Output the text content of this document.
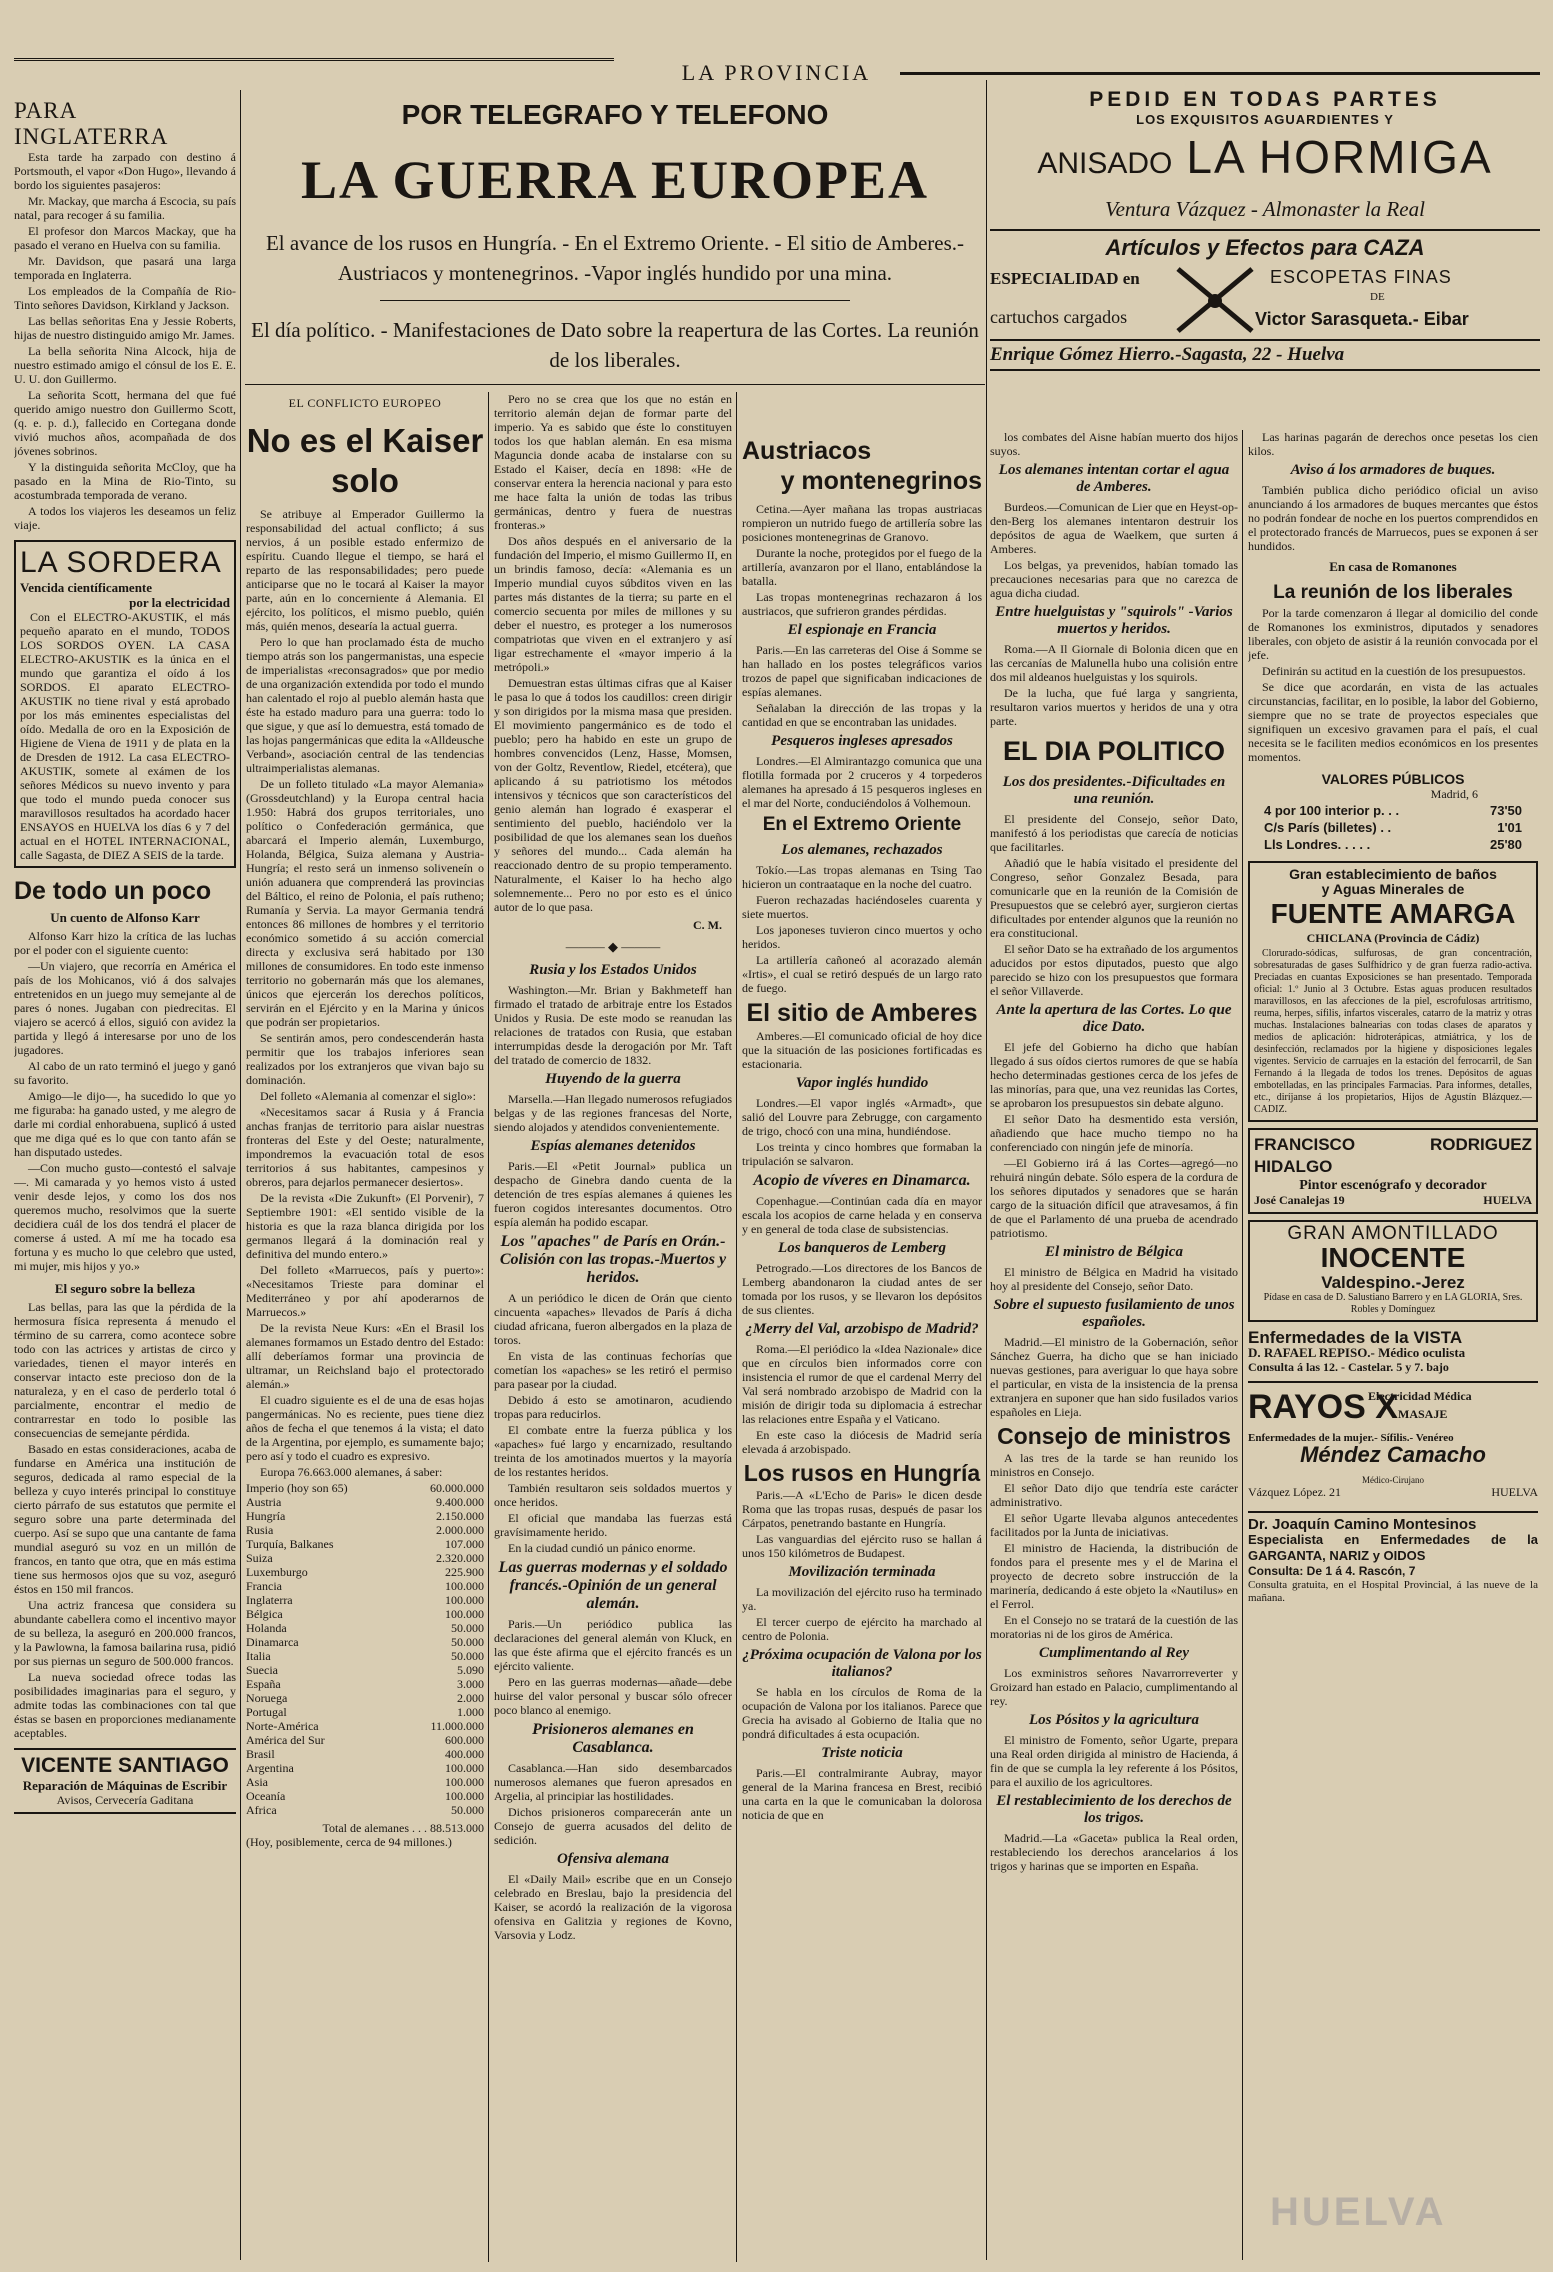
LA PROVINCIA
PARA INGLATERRA

Esta tarde ha zarpado con destino á Portsmouth, el vapor «Don Hugo», llevando á bordo los siguientes pasajeros:

Mr. Mackay, que marcha á Escocia, su país natal, para recoger á su familia.

El profesor don Marcos Mackay, que ha pasado el verano en Huelva con su familia.

Mr. Davidson, que pasará una larga temporada en Inglaterra.

Los empleados de la Compañía de Rio-Tinto señores Davidson, Kirkland y Jackson.

Las bellas señoritas Ena y Jessie Roberts, hijas de nuestro distinguido amigo Mr. James.

La bella señorita Nina Alcock, hija de nuestro estimado amigo el cónsul de los E. E. U. U. don Guillermo.

La señorita Scott, hermana del que fué querido amigo nuestro don Guillermo Scott, (q. e. p. d.), fallecido en Cortegana donde vivió muchos años, acompañada de dos jóvenes sobrinos.

Y la distinguida señorita McCloy, que ha pasado en la Mina de Rio-Tinto, su acostumbrada temporada de verano.

A todos los viajeros les deseamos un feliz viaje.

LA SORDERA
Vencida científicamente
por la electricidad

Con el ELECTRO-AKUSTIK, el más pequeño aparato en el mundo, TODOS LOS SORDOS OYEN. LA CASA ELECTRO-AKUSTIK es la única en el mundo que garantiza el oído á los SORDOS. El aparato ELECTRO-AKUSTIK no tiene rival y está aprobado por los más eminentes especialistas del oído. Medalla de oro en la Exposición de Higiene de Viena de 1911 y de plata en la de Dresden de 1912. La casa ELECTRO-AKUSTIK, somete al exámen de los señores Médicos su nuevo invento y para que todo el mundo pueda conocer sus maravillosos resultados ha acordado hacer ENSAYOS en HUELVA los días 6 y 7 del actual en el HOTEL INTERNACIONAL, calle Sagasta, de DIEZ A SEIS de la tarde.

De todo un poco
Un cuento de Alfonso Karr

Alfonso Karr hizo la crítica de las luchas por el poder con el siguiente cuento:

—Un viajero, que recorría en América el país de los Mohicanos, vió á dos salvajes entretenidos en un juego muy semejante al de pares ó nones. Jugaban con piedrecitas. El viajero se acercó á ellos, siguió con avidez la partida y llegó á interesarse por uno de los jugadores.

Al cabo de un rato terminó el juego y ganó su favorito.

Amigo—le dijo—, ha sucedido lo que yo me figuraba: ha ganado usted, y me alegro de darle mi cordial enhorabuena, suplicó á usted que me diga qué es lo que con tanto afán se han disputado ustedes.

—Con mucho gusto—contestó el salvaje—. Mi camarada y yo hemos visto á usted venir desde lejos, y como los dos nos queremos mucho, resolvimos que la suerte decidiera cuál de los dos tendrá el placer de comerse á usted. A mí me ha tocado esa fortuna y es mucho lo que celebro que usted, mi mujer, mis hijos y yo.»

El seguro sobre la belleza

Las bellas, para las que la pérdida de la hermosura física representa á menudo el término de su carrera, como acontece sobre todo con las actrices y artistas de circo y variedades, tienen el mayor interés en conservar intacto este precioso don de la naturaleza, y en el caso de perderlo total ó parcialmente, encontrar el medio de contrarrestar en todo lo posible las consecuencias de semejante pérdida.

Basado en estas consideraciones, acaba de fundarse en América una institución de seguros, dedicada al ramo especial de la belleza y cuyo interés principal lo constituye cierto párrafo de sus estatutos que permite el seguro sobre una parte determinada del cuerpo. Así se supo que una cantante de fama mundial aseguró su voz en un millón de francos, en tanto que otra, que en más estima tiene sus hermosos ojos que su voz, aseguró éstos en 150 mil francos.

Una actriz francesa que considera su abundante cabellera como el incentivo mayor de su belleza, la aseguró en 200.000 francos, y la Pawlowna, la famosa bailarina rusa, pidió por sus piernas un seguro de 500.000 francos.

La nueva sociedad ofrece todas las posibilidades imaginarias para el seguro, y admite todas las combinaciones con tal que éstas se basen en proporciones medianamente aceptables.

VICENTE SANTIAGO
Reparación de Máquinas de Escribir
Avisos, Cervecería Gaditana
POR TELEGRAFO Y TELEFONO
LA GUERRA EUROPEA
El avance de los rusos en Hungría. - En el Extremo Oriente. - El sitio de Amberes.- Austriacos y montenegrinos. -Vapor inglés hundido por una mina.
El día político. - Manifestaciones de Dato sobre la reapertura de las Cortes. La reunión de los liberales.
EL CONFLICTO EUROPEO
No es el Kaiser solo

Se atribuye al Emperador Guillermo la responsabilidad del actual conflicto; á sus nervios, á un posible estado enfermizo de espíritu. Cuando llegue el tiempo, se hará el reparto de las responsabilidades; pero puede anticiparse que no le tocará al Kaiser la mayor parte, aún en lo concerniente á Alemania. El ejército, los políticos, el mismo pueblo, quién más, quién menos, desearía la actual guerra.

Pero lo que han proclamado ésta de mucho tiempo atrás son los pangermanistas, una especie de imperialistas «reconsagrados» que por medio de una organización extendida por todo el mundo han calentado el rojo al pueblo alemán hasta que éste ha estado maduro para una guerra: todo lo que sigue, y que así lo demuestra, está tomado de las hojas pangermánicas que edita la «Alldeusche Verband», asociación central de las tendencias ultraimperialistas alemanas.

De un folleto titulado «La mayor Alemania» (Grossdeutchland) y la Europa central hacia 1.950: Habrá dos grupos territoriales, uno político o Confederación germánica, que abarcará el Imperio alemán, Luxemburgo, Holanda, Bélgica, Suiza alemana y Austria-Hungría; el resto será un inmenso soliveneín o unión aduanera que comprenderá las provincias del Báltico, el reino de Polonia, el país rutheno; Rumanía y Servia. La mayor Germania tendrá entonces 86 millones de hombres y el territorio económico sometido á su acción comercial directa y exclusiva será habitado por 130 millones de consumidores. En todo este inmenso territorio no gobernarán más que los alemanes, únicos que ejercerán los derechos políticos, servirán en el Ejército y en la Marina y únicos que podrán ser propietarios.

Se sentirán amos, pero condescenderán hasta permitir que los trabajos inferiores sean realizados por los extranjeros que vivan bajo su dominación.

Del folleto «Alemania al comenzar el siglo»:

«Necesitamos sacar á Rusia y á Francia anchas franjas de territorio para aislar nuestras fronteras del Este y del Oeste; naturalmente, impondremos la evacuación total de esos territorios á sus habitantes, campesinos y obreros, para dejarlos permanecer desiertos».

De la revista «Die Zukunft» (El Porvenir), 7 Septiembre 1901: «El sentido visible de la historia es que la raza blanca dirigida por los germanos llegará á la dominación real y definitiva del mundo entero.»

Del folleto «Marruecos, país y puerto»: «Necesitamos Trieste para dominar el Mediterráneo y por ahí apoderarnos de Marruecos.»

De la revista Neue Kurs: «En el Brasil los alemanes formamos un Estado dentro del Estado: allí deberíamos formar una provincia de ultramar, un Reichsland bajo el protectorado alemán.»

El cuadro siguiente es el de una de esas hojas pangermánicas. No es reciente, pues tiene diez años de fecha el que tenemos á la vista; el dato de la Argentina, por ejemplo, es sumamente bajo; pero así y todo el cuadro es expresivo.

Europa 76.663.000 alemanes, á saber:

Imperio (hoy son 65)	60.000.000
Austria	9.400.000
Hungría	2.150.000
Rusia	2.000.000
Turquía, Balkanes	107.000
Suiza	2.320.000
Luxemburgo	225.900
Francia	100.000
Inglaterra	100.000
Bélgica	100.000
Holanda	50.000
Dinamarca	50.000
Italia	50.000
Suecia	5.090
España	3.000
Noruega	2.000
Portugal	1.000
Norte-América	11.000.000
América del Sur	600.000
Brasil	400.000
Argentina	100.000
Asia	100.000
Oceanía	100.000
Africa	50.000
Total de alemanes . . . 88.513.000
(Hoy, posiblemente, cerca de 94 millones.)

Pero no se crea que los que no están en territorio alemán dejan de formar parte del imperio. Ya es sabido que éste lo constituyen todos los que hablan alemán. En esa misma Maguncia donde acaba de instalarse con su Estado el Kaiser, decía en 1898: «He de conservar entera la herencia nacional y para esto me hace falta la unión de todas las tribus germánicas, dentro y fuera de nuestras fronteras.»

Dos años después en el aniversario de la fundación del Imperio, el mismo Guillermo II, en un brindis famoso, decía: «Alemania es un Imperio mundial cuyos súbditos viven en las partes más distantes de la tierra; su parte en el comercio secuenta por miles de millones y su deber el nuestro, es proteger a los numerosos compatriotas que viven en el extranjero y así ligar estrechamente el «mayor imperio á la metrópoli.»

Demuestran estas últimas cifras que al Kaiser le pasa lo que á todos los caudillos: creen dirigir y son dirigidos por la misma masa que presiden. El movimiento pangermánico es de todo el pueblo; pero ha habido en este un grupo de hombres convencidos (Lenz, Hasse, Momsen, von der Goltz, Reventlow, Riedel, etcétera), que aplicando á su patriotismo los métodos intensivos y técnicos que son característicos del genio alemán han logrado é exasperar el sentimiento del pueblo, haciéndolo ver la posibilidad de que los alemanes sean los dueños y señores del mundo... Cada alemán ha reaccionado dentro de su propio temperamento. Naturalmente, el Kaiser lo ha hecho algo solemnemente... Pero no por esto es el único autor de lo que pasa.

C. M.
——— ◆ ———
Rusia y los Estados Unidos

Washington.—Mr. Brian y Bakhmeteff han firmado el tratado de arbitraje entre los Estados Unidos y Rusia. De este modo se reanudan las relaciones de tratados con Rusia, que estaban interrumpidas desde la derogación por Mr. Taft del tratado de comercio de 1832.

Huyendo de la guerra

Marsella.—Han llegado numerosos refugiados belgas y de las regiones francesas del Norte, siendo alojados y atendidos convenientemente.

Espías alemanes detenidos

Paris.—El «Petit Journal» publica un despacho de Ginebra dando cuenta de la detención de tres espías alemanes á quienes les fueron cogidos interesantes documentos. Otro espía alemán ha podido escapar.

Los "apaches" de París en Orán.-Colisión con las tropas.-Muertos y heridos.

A un periódico le dicen de Orán que ciento cincuenta «apaches» llevados de París á dicha ciudad africana, fueron albergados en la plaza de toros.

En vista de las continuas fechorías que cometían los «apaches» se les retiró el permiso para pasear por la ciudad.

Debido á esto se amotinaron, acudiendo tropas para reducirlos.

El combate entre la fuerza pública y los «apaches» fué largo y encarnizado, resultando treinta de los amotinados muertos y la mayoría de los restantes heridos.

También resultaron seis soldados muertos y once heridos.

El oficial que mandaba las fuerzas está gravísimamente herido.

En la ciudad cundió un pánico enorme.

Las guerras modernas y el soldado francés.-Opinión de un general alemán.

Paris.—Un periódico publica las declaraciones del general alemán von Kluck, en las que éste afirma que el ejército francés es un ejército valiente.

Pero en las guerras modernas—añade—debe huirse del valor personal y buscar sólo ofrecer poco blanco al enemigo.

Prisioneros alemanes en Casablanca.

Casablanca.—Han sido desembarcados numerosos alemanes que fueron apresados en Argelia, al principiar las hostilidades.

Dichos prisioneros comparecerán ante un Consejo de guerra acusados del delito de sedición.

Ofensiva alemana

El «Daily Mail» escribe que en un Consejo celebrado en Breslau, bajo la presidencia del Kaiser, se acordó la realización de la vigorosa ofensiva en Galitzia y regiones de Kovno, Varsovia y Lodz.

Austriacos
y montenegrinos

Cetina.—Ayer mañana las tropas austriacas rompieron un nutrido fuego de artillería sobre las posiciones montenegrinas de Granovo.

Durante la noche, protegidos por el fuego de la artillería, avanzaron por el llano, entablándose la batalla.

Las tropas montenegrinas rechazaron á los austriacos, que sufrieron grandes pérdidas.

El espionaje en Francia

Paris.—En las carreteras del Oise á Somme se han hallado en los postes telegráficos varios trozos de papel que significaban indicaciones de espías alemanes.

Señalaban la dirección de las tropas y la cantidad en que se encontraban las unidades.

Pesqueros ingleses apresados

Londres.—El Almirantazgo comunica que una flotilla formada por 2 cruceros y 4 torpederos alemanes ha apresado á 15 pesqueros ingleses en el mar del Norte, conduciéndolos á Volhemoun.

En el Extremo Oriente
Los alemanes, rechazados

Tokío.—Las tropas alemanas en Tsing Tao hicieron un contraataque en la noche del cuatro.

Fueron rechazadas haciéndoseles cuarenta y siete muertos.

Los japoneses tuvieron cinco muertos y ocho heridos.

La artillería cañoneó al acorazado alemán «Irtis», el cual se retiró después de un largo rato de fuego.

El sitio de Amberes

Amberes.—El comunicado oficial de hoy dice que la situación de las posiciones fortificadas es estacionaria.

Vapor inglés hundido

Londres.—El vapor inglés «Armadt», que salió del Louvre para Zebrugge, con cargamento de trigo, chocó con una mina, hundiéndose.

Los treinta y cinco hombres que formaban la tripulación se salvaron.

Acopio de víveres en Dinamarca.

Copenhague.—Continúan cada día en mayor escala los acopios de carne helada y en conserva y en general de toda clase de subsistencias.

Los banqueros de Lemberg

Petrogrado.—Los directores de los Bancos de Lemberg abandonaron la ciudad antes de ser tomada por los rusos, y se llevaron los depósitos de sus clientes.

¿Merry del Val, arzobispo de Madrid?

Roma.—El periódico la «Idea Nazionale» dice que en círculos bien informados corre con insistencia el rumor de que el cardenal Merry del Val será nombrado arzobispo de Madrid con la misión de dirigir toda su diplomacia á estrechar las relaciones entre España y el Vaticano.

En este caso la diócesis de Madrid sería elevada á arzobispado.

Los rusos en Hungría

Paris.—A «L'Echo de Paris» le dicen desde Roma que las tropas rusas, después de pasar los Cárpatos, penetrando bastante en Hungría.

Las vanguardias del ejército ruso se hallan á unos 150 kilómetros de Budapest.

Movilización terminada

La movilización del ejército ruso ha terminado ya.

El tercer cuerpo de ejército ha marchado al centro de Polonia.

¿Próxima ocupación de Valona por los italianos?

Se habla en los círculos de Roma de la ocupación de Valona por los italianos. Parece que Grecia ha avisado al Gobierno de Italia que no pondrá dificultades á esta ocupación.

Triste noticia

Paris.—El contralmirante Aubray, mayor general de la Marina francesa en Brest, recibió una carta en la que le comunicaban la dolorosa noticia de que en

PEDID EN TODAS PARTES
LOS EXQUISITOS AGUARDIENTES Y
ANISADO LA HORMIGA
Ventura Vázquez - Almonaster la Real
Artículos y Efectos para CAZA
ESPECIALIDAD en
cartuchos cargados
ESCOPETAS FINAS
DE
Victor Sarasqueta.- Eibar
Enrique Gómez Hierro.-Sagasta, 22 - Huelva

los combates del Aisne habían muerto dos hijos suyos.

Los alemanes intentan cortar el agua de Amberes.

Burdeos.—Comunican de Lier que en Heyst-op-den-Berg los alemanes intentaron destruir los depósitos de agua de Waelkem, que surten á Amberes.

Los belgas, ya prevenidos, habían tomado las precauciones necesarias para que no carezca de agua dicha ciudad.

Entre huelguistas y "squirols" -Varios muertos y heridos.

Roma.—A Il Giornale di Bolonia dicen que en las cercanías de Malunella hubo una colisión entre dos mil aldeanos huelguistas y los squirols.

De la lucha, que fué larga y sangrienta, resultaron varios muertos y heridos de una y otra parte.

EL DIA POLITICO
Los dos presidentes.-Dificultades en una reunión.

El presidente del Consejo, señor Dato, manifestó á los periodistas que carecía de noticias que facilitarles.

Añadió que le había visitado el presidente del Congreso, señor Gonzalez Besada, para comunicarle que en la reunión de la Comisión de Presupuestos que se celebró ayer, surgieron ciertas dificultades por entender algunos que la reunión no era constitucional.

El señor Dato se ha extrañado de los argumentos aducidos por estos diputados, puesto que algo parecido se hizo con los presupuestos que formara el señor Villaverde.

Ante la apertura de las Cortes. Lo que dice Dato.

El jefe del Gobierno ha dicho que habían llegado á sus oídos ciertos rumores de que se había hecho determinadas gestiones cerca de los jefes de las minorías, para que, una vez reunidas las Cortes, se aprobaron los presupuestos sin debate alguno.

El señor Dato ha desmentido esta versión, añadiendo que hace mucho tiempo no ha conferenciado con ningún jefe de minoría.

—El Gobierno irá á las Cortes—agregó—no rehuirá ningún debate. Sólo espera de la cordura de los señores diputados y senadores que se harán cargo de la situación difícil que atravesamos, á fin de que el Parlamento dé una prueba de acendrado patriotismo.

El ministro de Bélgica

El ministro de Bélgica en Madrid ha visitado hoy al presidente del Consejo, señor Dato.

Sobre el supuesto fusilamiento de unos españoles.

Madrid.—El ministro de la Gobernación, señor Sánchez Guerra, ha dicho que se han iniciado nuevas gestiones, para averiguar lo que haya sobre el particular, en vista de la insistencia de la prensa extranjera en suponer que han sido fusilados varios españoles en Lieja.

Consejo de ministros

A las tres de la tarde se han reunido los ministros en Consejo.

El señor Dato dijo que tendría este carácter administrativo.

El señor Ugarte llevaba algunos antecedentes facilitados por la Junta de iniciativas.

El ministro de Hacienda, la distribución de fondos para el presente mes y el de Marina el proyecto de decreto sobre instrucción de la marinería, dedicando á este objeto la «Nautilus» en el Ferrol.

En el Consejo no se tratará de la cuestión de las moratorias ni de los giros de América.

Cumplimentando al Rey

Los exministros señores Navarrorreverter y Groizard han estado en Palacio, cumplimentando al rey.

Los Pósitos y la agricultura

El ministro de Fomento, señor Ugarte, prepara una Real orden dirigida al ministro de Hacienda, á fin de que se cumpla la ley referente á los Pósitos, para el auxilio de los agricultores.

El restablecimiento de los derechos de los trigos.

Madrid.—La «Gaceta» publica la Real orden, restableciendo los derechos arancelarios á los trigos y harinas que se importen en España.

Las harinas pagarán de derechos once pesetas los cien kilos.

Aviso á los armadores de buques.

También publica dicho periódico oficial un aviso anunciando á los armadores de buques mercantes que éstos no podrán fondear de noche en los puertos comprendidos en el protectorado francés de Marruecos, pues se exponen á ser hundidos.

En casa de Romanones
La reunión de los liberales

Por la tarde comenzaron á llegar al domicilio del conde de Romanones los exministros, diputados y senadores liberales, con objeto de asistir á la reunión convocada por el jefe.

Definirán su actitud en la cuestión de los presupuestos.

Se dice que acordarán, en vista de las actuales circunstancias, facilitar, en lo posible, la labor del Gobierno, siempre que no se trate de proyectos especiales que signifiquen un excesivo gravamen para el país, el cual necesita se le faciliten medios económicos en los presentes momentos.

VALORES PÚBLICOS
Madrid, 6
4 por 100 interior p. . .	73'50
C/s París (billetes) . .	1'01
Lls Londres. . . . .	25'80
Gran establecimiento de baños
y Aguas Minerales de
FUENTE AMARGA
CHICLANA (Provincia de Cádiz)

Clorurado-sódicas, sulfurosas, de gran concentración, sobresaturadas de gases Sulfhídrico y de gran fuerza radio-activa. Preciadas en cuantas Exposiciones se han presentado. Temporada oficial: 1.º Junio al 3 Octubre. Estas aguas producen resultados maravillosos, en las afecciones de la piel, escrofulosas artritismo, reuma, herpes, sífilis, infartos viscerales, catarro de la matriz y otras muchas. Instalaciones balnearias con todas clases de aparatos y medios de aplicación: hidroterápicas, atmiátrica, y los de desinfección, reclamados por la higiene y disposiciones legales vigentes. Servicio de carruajes en la estación del ferrocarril, de San Fernando á la llegada de todos los trenes. Depósitos de aguas embotelladas, en las principales Farmacias. Para informes, detalles, etc., diríjanse á los propietarios, Hijos de Agustín Blázquez.—CADIZ.

FRANCISCO RODRIGUEZ HIDALGO
Pintor escenógrafo y decorador
José Canalejas 19	HUELVA
GRAN AMONTILLADO
INOCENTE
Valdespino.-Jerez
Pídase en casa de D. Salustiano Barrero y en LA GLORIA, Sres. Robles y Domínguez
Enfermedades de la VISTA
D. RAFAEL REPISO.- Médico oculista
Consulta á las 12. - Castelar. 5 y 7. bajo
RAYOS X
Electricidad Médica
MASAJE
Enfermedades de la mujer.- Sífilis.- Venéreo
Méndez Camacho
Médico-Cirujano
Vázquez López. 21	HUELVA
Dr. Joaquín Camino Montesinos
Especialista en Enfermedades de la GARGANTA, NARIZ y OIDOS
Consulta: De 1 á 4. Rascón, 7
Consulta gratuita, en el Hospital Provincial, á las nueve de la mañana.
HUELVA
